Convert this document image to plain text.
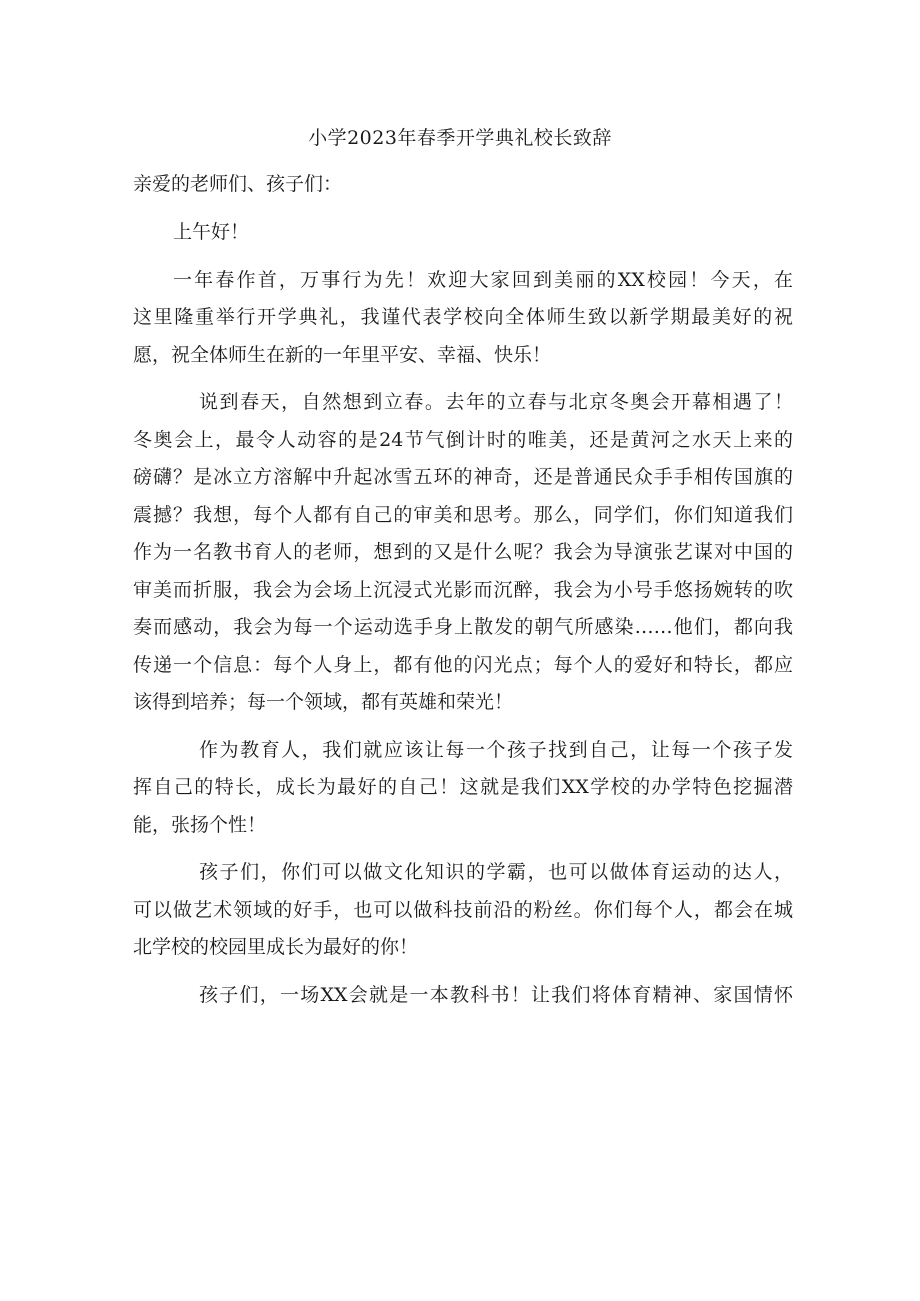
小学2023年春季开学典礼校长致辞
亲爱的老师们、孩子们：

上午好！

一年春作首，万事行为先！欢迎大家回到美丽的XX校园！今天，在
这里隆重举行开学典礼，我谨代表学校向全体师生致以新学期最美好的祝
愿，祝全体师生在新的一年里平安、幸福、快乐！

说到春天，自然想到立春。去年的立春与北京冬奥会开幕相遇了！
冬奥会上，最令人动容的是24节气倒计时的唯美，还是黄河之水天上来的
磅礴？是冰立方溶解中升起冰雪五环的神奇，还是普通民众手手相传国旗的
震撼？我想，每个人都有自己的审美和思考。那么，同学们，你们知道我们
作为一名教书育人的老师，想到的又是什么呢？我会为导演张艺谋对中国的
审美而折服，我会为会场上沉浸式光影而沉醉，我会为小号手悠扬婉转的吹
奏而感动，我会为每一个运动选手身上散发的朝气所感染……他们，都向我
传递一个信息：每个人身上，都有他的闪光点；每个人的爱好和特长，都应
该得到培养；每一个领域，都有英雄和荣光！

作为教育人，我们就应该让每一个孩子找到自己，让每一个孩子发
挥自己的特长，成长为最好的自己！这就是我们XX学校的办学特色挖掘潜
能，张扬个性！

孩子们，你们可以做文化知识的学霸，也可以做体育运动的达人，
可以做艺术领域的好手，也可以做科技前沿的粉丝。你们每个人，都会在城
北学校的校园里成长为最好的你！

孩子们，一场XX会就是一本教科书！让我们将体育精神、家国情怀
